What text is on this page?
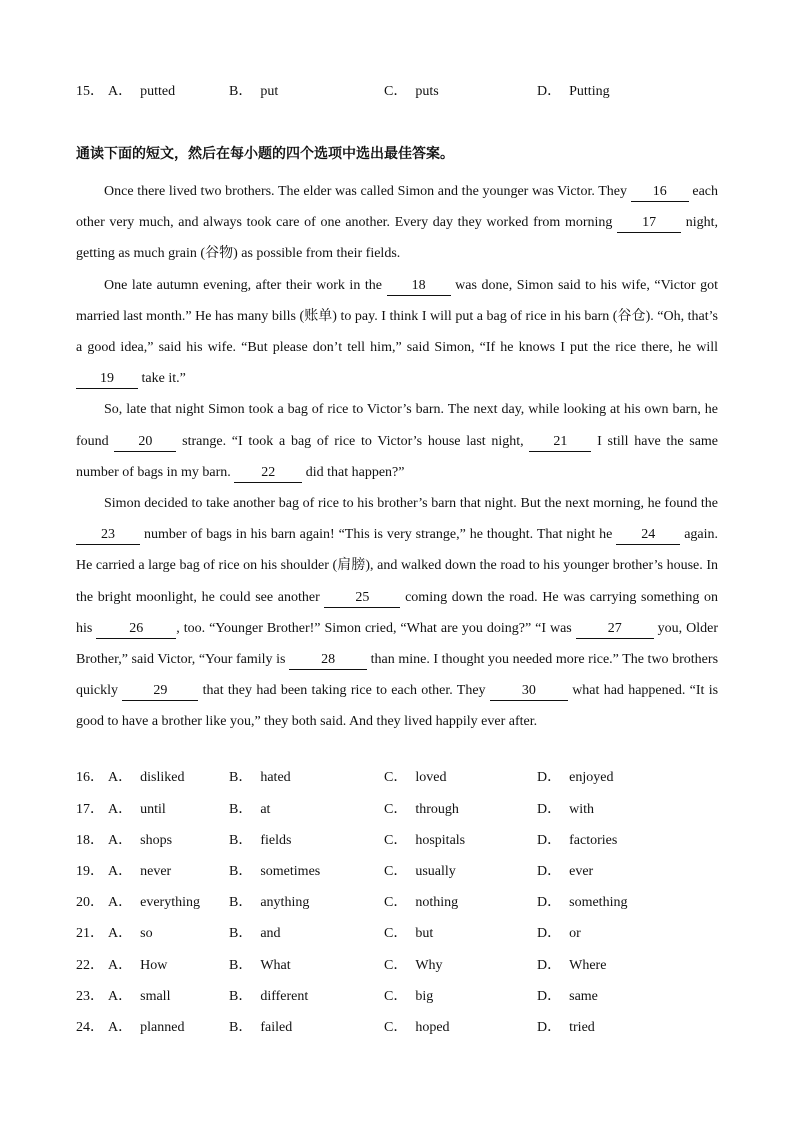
15． A． putted	B． put	C． puts	D． Putting
通读下面的短文，然后在每小题的四个选项中选出最佳答案。

Once there lived two brothers. The elder was called Simon and the younger was Victor. They 16 each other very much, and always took care of one another. Every day they worked from morning 17 night, getting as much grain (谷物) as possible from their fields.

One late autumn evening, after their work in the 18 was done, Simon said to his wife, “Victor got married last month.” He has many bills (账单) to pay. I think I will put a bag of rice in his barn (谷仓). “Oh, that’s a good idea,” said his wife. “But please don’t tell him,” said Simon, “If he knows I put the rice there, he will 19 take it.”

So, late that night Simon took a bag of rice to Victor’s barn. The next day, while looking at his own barn, he found 20 strange. “I took a bag of rice to Victor’s house last night, 21 I still have the same number of bags in my barn. 22 did that happen?”

Simon decided to take another bag of rice to his brother’s barn that night. But the next morning, he found the 23 number of bags in his barn again! “This is very strange,” he thought. That night he 24 again. He carried a large bag of rice on his shoulder (肩膀), and walked down the road to his younger brother’s house. In the bright moonlight, he could see another	25	coming down the road. He was carrying something on his	26 , too. “Younger Brother!” Simon cried, “What are you doing?” “I was	27	you, Older Brother,” said Victor, “Your family is	28	than mine. I thought you needed more rice.” The two brothers quickly	29	that they had been taking rice to each other. They	30	what had happened. “It is good to have a brother like you,” they both said. And they lived happily ever after.

16． A． disliked	B． hated	C． loved	D． enjoyed
17． A． until	B． at	C． through	D． with
18． A． shops	B． fields	C． hospitals	D． factories
19． A． never	B． sometimes	C． usually	D． ever
20． A． everything B． anything	C． nothing	D． something
21． A． so	B． and	C． but	D． or
22． A． How	B． What	C． Why	D． Where
23． A． small	B． different	C． big	D． same
24． A． planned	B． failed	C． hoped	D． tried
